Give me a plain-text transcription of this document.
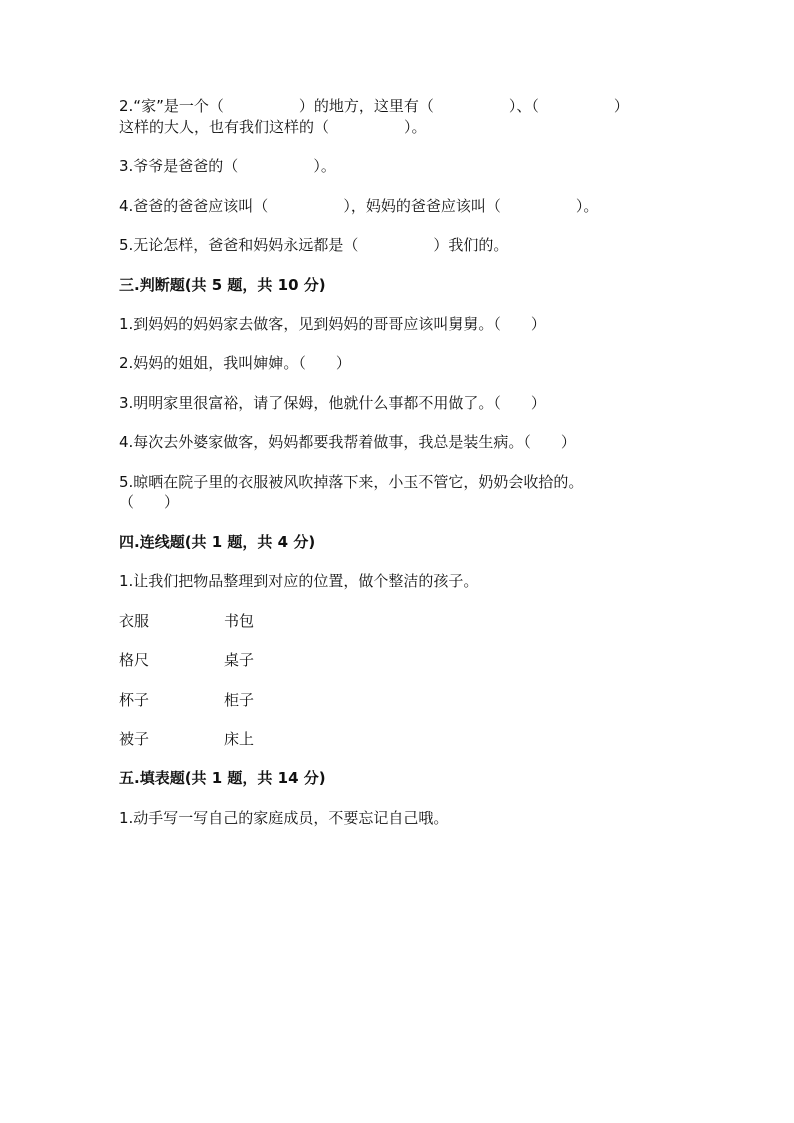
2.“家”是一个（　　　　　）的地方，这里有（　　　　　）、（　　　　　）
这样的大人，也有我们这样的（　　　　　）。
3.爷爷是爸爸的（　　　　　）。
4.爸爸的爸爸应该叫（　　　　　），妈妈的爸爸应该叫（　　　　　）。
5.无论怎样，爸爸和妈妈永远都是（　　　　　）我们的。
三.判断题(共 5 题，共 10 分)
1.到妈妈的妈妈家去做客，见到妈妈的哥哥应该叫舅舅。（　　）
2.妈妈的姐姐，我叫婶婶。（　　）
3.明明家里很富裕，请了保姆，他就什么事都不用做了。（　　）
4.每次去外婆家做客，妈妈都要我帮着做事，我总是装生病。（　　）
5.晾晒在院子里的衣服被风吹掉落下来，小玉不管它，奶奶会收拾的。
（　　）
四.连线题(共 1 题，共 4 分)
1.让我们把物品整理到对应的位置，做个整洁的孩子。
衣服	书包
格尺	桌子
杯子	柜子
被子	床上
五.填表题(共 1 题，共 14 分)
1.动手写一写自己的家庭成员，不要忘记自己哦。
